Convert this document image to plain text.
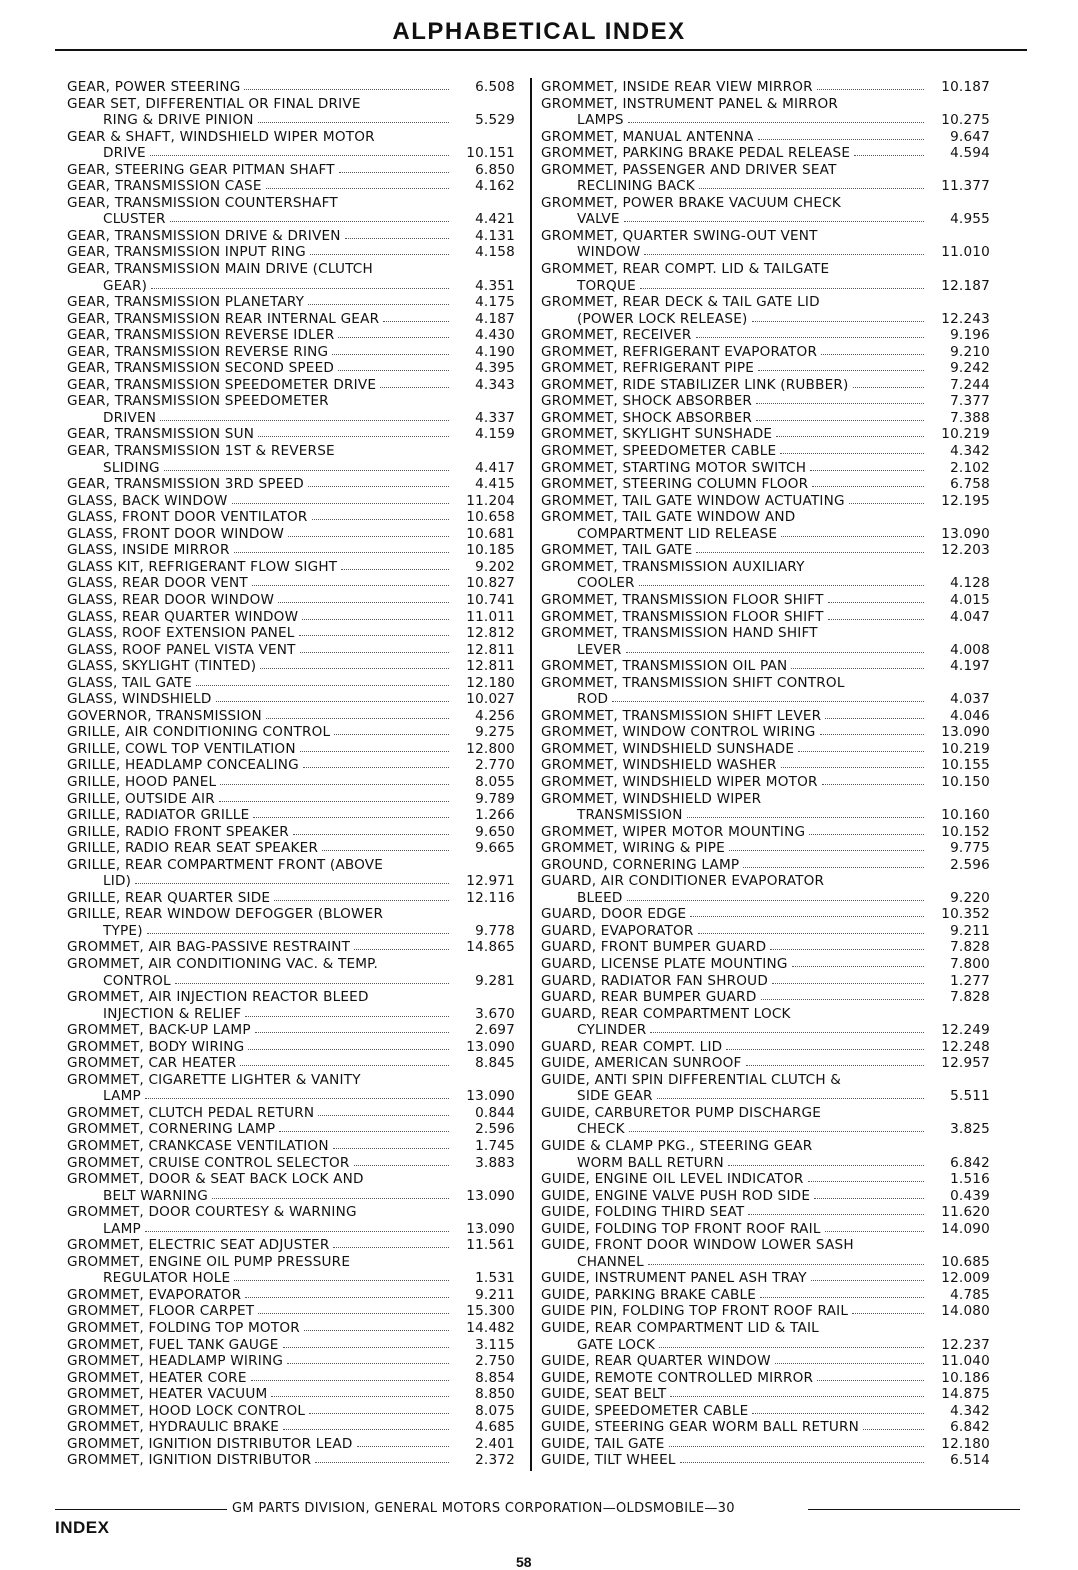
ALPHABETICAL INDEX
GEAR, POWER STEERING	6.508
GEAR SET, DIFFERENTIAL OR FINAL DRIVE
RING & DRIVE PINION	5.529
GEAR & SHAFT, WINDSHIELD WIPER MOTOR
DRIVE	10.151
GEAR, STEERING GEAR PITMAN SHAFT	6.850
GEAR, TRANSMISSION CASE	4.162
GEAR, TRANSMISSION COUNTERSHAFT
CLUSTER	4.421
GEAR, TRANSMISSION DRIVE & DRIVEN	4.131
GEAR, TRANSMISSION INPUT RING	4.158
GEAR, TRANSMISSION MAIN DRIVE (CLUTCH
GEAR)	4.351
GEAR, TRANSMISSION PLANETARY	4.175
GEAR, TRANSMISSION REAR INTERNAL GEAR	4.187
GEAR, TRANSMISSION REVERSE IDLER	4.430
GEAR, TRANSMISSION REVERSE RING	4.190
GEAR, TRANSMISSION SECOND SPEED	4.395
GEAR, TRANSMISSION SPEEDOMETER DRIVE	4.343
GEAR, TRANSMISSION SPEEDOMETER
DRIVEN	4.337
GEAR, TRANSMISSION SUN	4.159
GEAR, TRANSMISSION 1ST & REVERSE
SLIDING	4.417
GEAR, TRANSMISSION 3RD SPEED	4.415
GLASS, BACK WINDOW	11.204
GLASS, FRONT DOOR VENTILATOR	10.658
GLASS, FRONT DOOR WINDOW	10.681
GLASS, INSIDE MIRROR	10.185
GLASS KIT, REFRIGERANT FLOW SIGHT	9.202
GLASS, REAR DOOR VENT	10.827
GLASS, REAR DOOR WINDOW	10.741
GLASS, REAR QUARTER WINDOW	11.011
GLASS, ROOF EXTENSION PANEL	12.812
GLASS, ROOF PANEL VISTA VENT	12.811
GLASS, SKYLIGHT (TINTED)	12.811
GLASS, TAIL GATE	12.180
GLASS, WINDSHIELD	10.027
GOVERNOR, TRANSMISSION	4.256
GRILLE, AIR CONDITIONING CONTROL	9.275
GRILLE, COWL TOP VENTILATION	12.800
GRILLE, HEADLAMP CONCEALING	2.770
GRILLE, HOOD PANEL	8.055
GRILLE, OUTSIDE AIR	9.789
GRILLE, RADIATOR GRILLE	1.266
GRILLE, RADIO FRONT SPEAKER	9.650
GRILLE, RADIO REAR SEAT SPEAKER	9.665
GRILLE, REAR COMPARTMENT FRONT (ABOVE
LID)	12.971
GRILLE, REAR QUARTER SIDE	12.116
GRILLE, REAR WINDOW DEFOGGER (BLOWER
TYPE)	9.778
GROMMET, AIR BAG-PASSIVE RESTRAINT	14.865
GROMMET, AIR CONDITIONING VAC. & TEMP.
CONTROL	9.281
GROMMET, AIR INJECTION REACTOR BLEED
INJECTION & RELIEF	3.670
GROMMET, BACK-UP LAMP	2.697
GROMMET, BODY WIRING	13.090
GROMMET, CAR HEATER	8.845
GROMMET, CIGARETTE LIGHTER & VANITY
LAMP	13.090
GROMMET, CLUTCH PEDAL RETURN	0.844
GROMMET, CORNERING LAMP	2.596
GROMMET, CRANKCASE VENTILATION	1.745
GROMMET, CRUISE CONTROL SELECTOR	3.883
GROMMET, DOOR & SEAT BACK LOCK AND
BELT WARNING	13.090
GROMMET, DOOR COURTESY & WARNING
LAMP	13.090
GROMMET, ELECTRIC SEAT ADJUSTER	11.561
GROMMET, ENGINE OIL PUMP PRESSURE
REGULATOR HOLE	1.531
GROMMET, EVAPORATOR	9.211
GROMMET, FLOOR CARPET	15.300
GROMMET, FOLDING TOP MOTOR	14.482
GROMMET, FUEL TANK GAUGE	3.115
GROMMET, HEADLAMP WIRING	2.750
GROMMET, HEATER CORE	8.854
GROMMET, HEATER VACUUM	8.850
GROMMET, HOOD LOCK CONTROL	8.075
GROMMET, HYDRAULIC BRAKE	4.685
GROMMET, IGNITION DISTRIBUTOR LEAD	2.401
GROMMET, IGNITION DISTRIBUTOR	2.372
GROMMET, INSIDE REAR VIEW MIRROR	10.187
GROMMET, INSTRUMENT PANEL & MIRROR
LAMPS	10.275
GROMMET, MANUAL ANTENNA	9.647
GROMMET, PARKING BRAKE PEDAL RELEASE	4.594
GROMMET, PASSENGER AND DRIVER SEAT
RECLINING BACK	11.377
GROMMET, POWER BRAKE VACUUM CHECK
VALVE	4.955
GROMMET, QUARTER SWING-OUT VENT
WINDOW	11.010
GROMMET, REAR COMPT. LID & TAILGATE
TORQUE	12.187
GROMMET, REAR DECK & TAIL GATE LID
(POWER LOCK RELEASE)	12.243
GROMMET, RECEIVER	9.196
GROMMET, REFRIGERANT EVAPORATOR	9.210
GROMMET, REFRIGERANT PIPE	9.242
GROMMET, RIDE STABILIZER LINK (RUBBER)	7.244
GROMMET, SHOCK ABSORBER	7.377
GROMMET, SHOCK ABSORBER	7.388
GROMMET, SKYLIGHT SUNSHADE	10.219
GROMMET, SPEEDOMETER CABLE	4.342
GROMMET, STARTING MOTOR SWITCH	2.102
GROMMET, STEERING COLUMN FLOOR	6.758
GROMMET, TAIL GATE WINDOW ACTUATING	12.195
GROMMET, TAIL GATE WINDOW AND
COMPARTMENT LID RELEASE	13.090
GROMMET, TAIL GATE	12.203
GROMMET, TRANSMISSION AUXILIARY
COOLER	4.128
GROMMET, TRANSMISSION FLOOR SHIFT	4.015
GROMMET, TRANSMISSION FLOOR SHIFT	4.047
GROMMET, TRANSMISSION HAND SHIFT
LEVER	4.008
GROMMET, TRANSMISSION OIL PAN	4.197
GROMMET, TRANSMISSION SHIFT CONTROL
ROD	4.037
GROMMET, TRANSMISSION SHIFT LEVER	4.046
GROMMET, WINDOW CONTROL WIRING	13.090
GROMMET, WINDSHIELD SUNSHADE	10.219
GROMMET, WINDSHIELD WASHER	10.155
GROMMET, WINDSHIELD WIPER MOTOR	10.150
GROMMET, WINDSHIELD WIPER
TRANSMISSION	10.160
GROMMET, WIPER MOTOR MOUNTING	10.152
GROMMET, WIRING & PIPE	9.775
GROUND, CORNERING LAMP	2.596
GUARD, AIR CONDITIONER EVAPORATOR
BLEED	9.220
GUARD, DOOR EDGE	10.352
GUARD, EVAPORATOR	9.211
GUARD, FRONT BUMPER GUARD	7.828
GUARD, LICENSE PLATE MOUNTING	7.800
GUARD, RADIATOR FAN SHROUD	1.277
GUARD, REAR BUMPER GUARD	7.828
GUARD, REAR COMPARTMENT LOCK
CYLINDER	12.249
GUARD, REAR COMPT. LID	12.248
GUIDE, AMERICAN SUNROOF	12.957
GUIDE, ANTI SPIN DIFFERENTIAL CLUTCH &
SIDE GEAR	5.511
GUIDE, CARBURETOR PUMP DISCHARGE
CHECK	3.825
GUIDE & CLAMP PKG., STEERING GEAR
WORM BALL RETURN	6.842
GUIDE, ENGINE OIL LEVEL INDICATOR	1.516
GUIDE, ENGINE VALVE PUSH ROD SIDE	0.439
GUIDE, FOLDING THIRD SEAT	11.620
GUIDE, FOLDING TOP FRONT ROOF RAIL	14.090
GUIDE, FRONT DOOR WINDOW LOWER SASH
CHANNEL	10.685
GUIDE, INSTRUMENT PANEL ASH TRAY	12.009
GUIDE, PARKING BRAKE CABLE	4.785
GUIDE PIN, FOLDING TOP FRONT ROOF RAIL	14.080
GUIDE, REAR COMPARTMENT LID & TAIL
GATE LOCK	12.237
GUIDE, REAR QUARTER WINDOW	11.040
GUIDE, REMOTE CONTROLLED MIRROR	10.186
GUIDE, SEAT BELT	14.875
GUIDE, SPEEDOMETER CABLE	4.342
GUIDE, STEERING GEAR WORM BALL RETURN	6.842
GUIDE, TAIL GATE	12.180
GUIDE, TILT WHEEL	6.514
GM PARTS DIVISION, GENERAL MOTORS CORPORATION—OLDSMOBILE—30
INDEX
58
